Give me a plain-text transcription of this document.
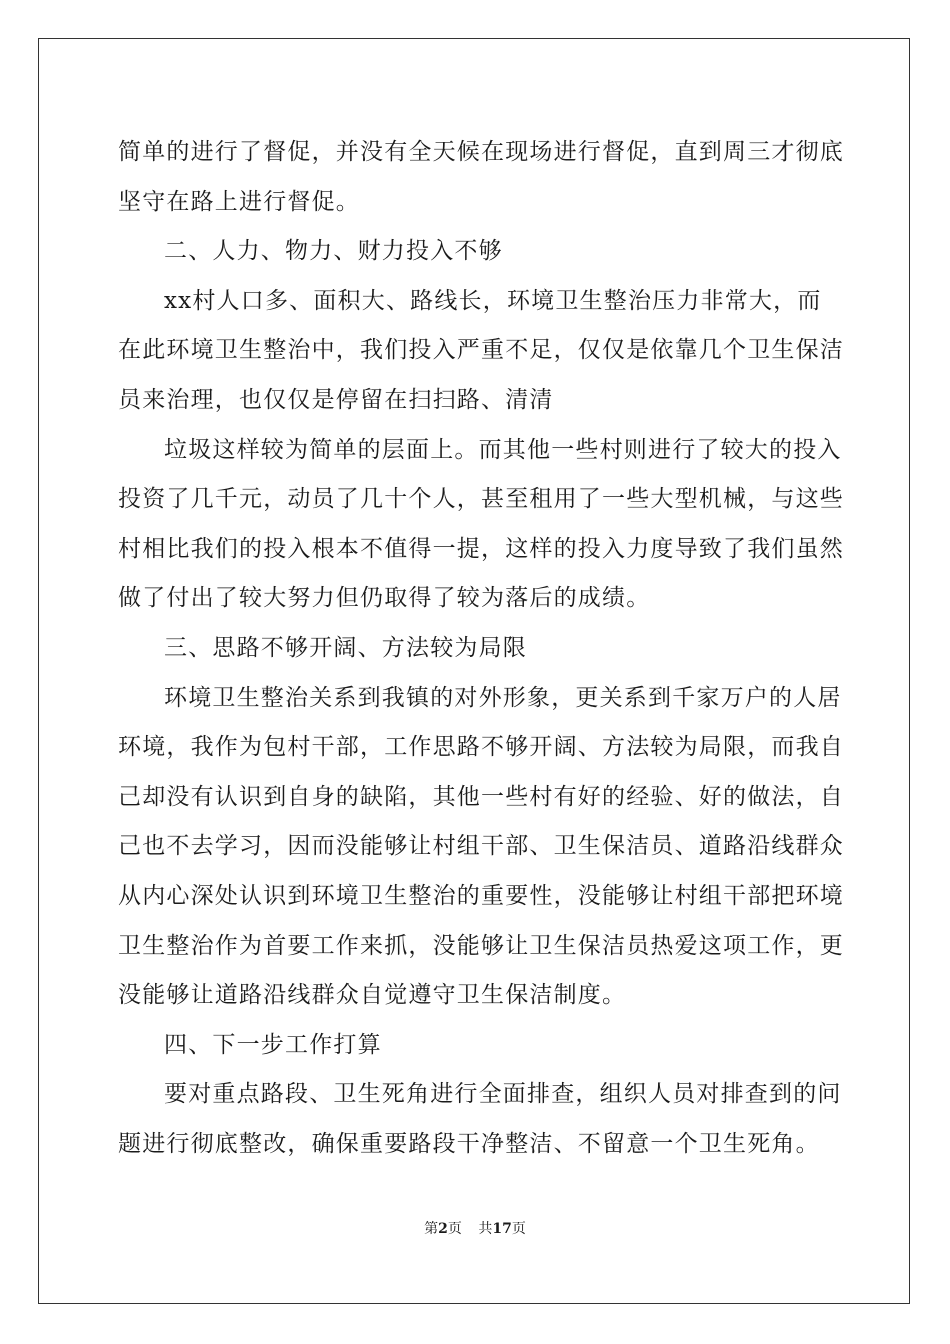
简单的进行了督促，并没有全天候在现场进行督促，直到周三才彻底
坚守在路上进行督促。
二、人力、物力、财力投入不够
xx村人口多、面积大、路线长，环境卫生整治压力非常大，而
在此环境卫生整治中，我们投入严重不足，仅仅是依靠几个卫生保洁
员来治理，也仅仅是停留在扫扫路、清清
垃圾这样较为简单的层面上。而其他一些村则进行了较大的投入
投资了几千元，动员了几十个人，甚至租用了一些大型机械，与这些
村相比我们的投入根本不值得一提，这样的投入力度导致了我们虽然
做了付出了较大努力但仍取得了较为落后的成绩。
三、思路不够开阔、方法较为局限
环境卫生整治关系到我镇的对外形象，更关系到千家万户的人居
环境，我作为包村干部，工作思路不够开阔、方法较为局限，而我自
己却没有认识到自身的缺陷，其他一些村有好的经验、好的做法，自
己也不去学习，因而没能够让村组干部、卫生保洁员、道路沿线群众
从内心深处认识到环境卫生整治的重要性，没能够让村组干部把环境
卫生整治作为首要工作来抓，没能够让卫生保洁员热爱这项工作，更
没能够让道路沿线群众自觉遵守卫生保洁制度。
四、下一步工作打算
要对重点路段、卫生死角进行全面排查，组织人员对排查到的问
题进行彻底整改，确保重要路段干净整洁、不留意一个卫生死角。
第2页 共17页
